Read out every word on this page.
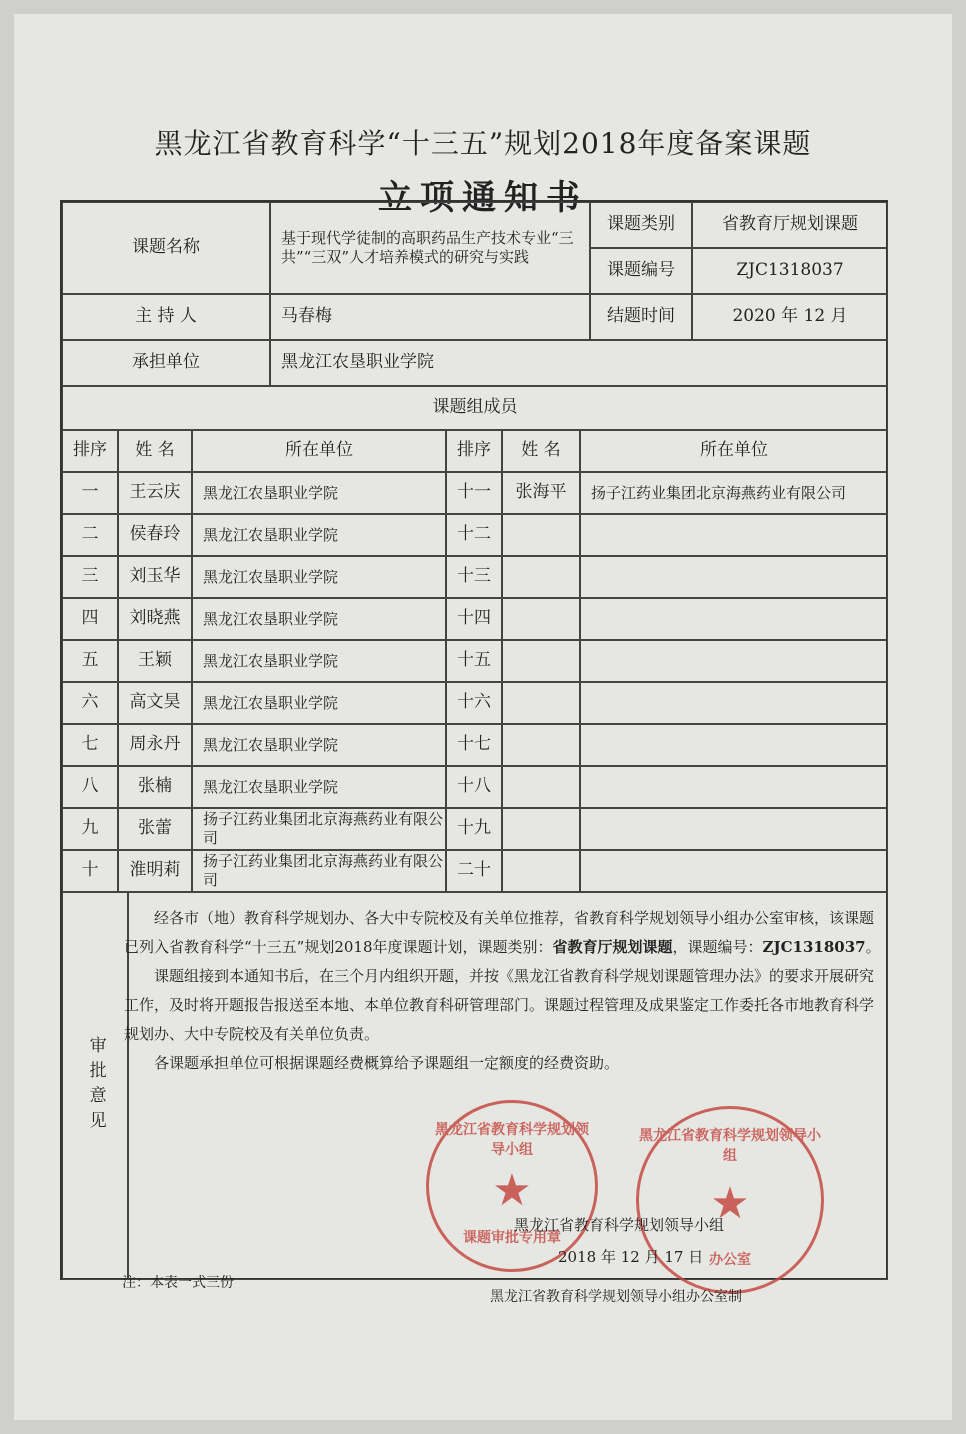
黑龙江省教育科学“十三五”规划2018年度备案课题
立项通知书
课题名称	基于现代学徒制的高职药品生产技术专业“三共”“三双”人才培养模式的研究与实践
课题类别	省教育厅规划课题
课题编号	ZJC1318037
主 持 人	马春梅	结题时间	2020 年 12 月
承担单位	黑龙江农垦职业学院
课题组成员
排序	姓 名	所在单位	排序	姓 名	所在单位
一	王云庆	黑龙江农垦职业学院	十一	张海平	扬子江药业集团北京海燕药业有限公司
二	侯春玲	黑龙江农垦职业学院	十二
三	刘玉华	黑龙江农垦职业学院	十三
四	刘晓燕	黑龙江农垦职业学院	十四
五	王颖	黑龙江农垦职业学院	十五
六	高文昊	黑龙江农垦职业学院	十六
七	周永丹	黑龙江农垦职业学院	十七
八	张楠	黑龙江农垦职业学院	十八
九	张蕾	扬子江药业集团北京海燕药业有限公司	十九
十	淮明莉	扬子江药业集团北京海燕药业有限公司	二十
审批意见

经各市（地）教育科学规划办、各大中专院校及有关单位推荐，省教育科学规划领导小组办公室审核，该课题已列入省教育科学“十三五”规划2018年度课题计划，课题类别：省教育厅规划课题，课题编号：ZJC1318037。

课题组接到本通知书后，在三个月内组织开题，并按《黑龙江省教育科学规划课题管理办法》的要求开展研究工作，及时将开题报告报送至本地、本单位教育科研管理部门。课题过程管理及成果鉴定工作委托各市地教育科学规划办、大中专院校及有关单位负责。

各课题承担单位可根据课题经费概算给予课题组一定额度的经费资助。

黑龙江省教育科学规划领导小组
★
课题审批专用章
黑龙江省教育科学规划领导小组
★
办公室
黑龙江省教育科学规划领导小组
2018 年 12 月 17 日
注：本表一式三份
黑龙江省教育科学规划领导小组办公室制
